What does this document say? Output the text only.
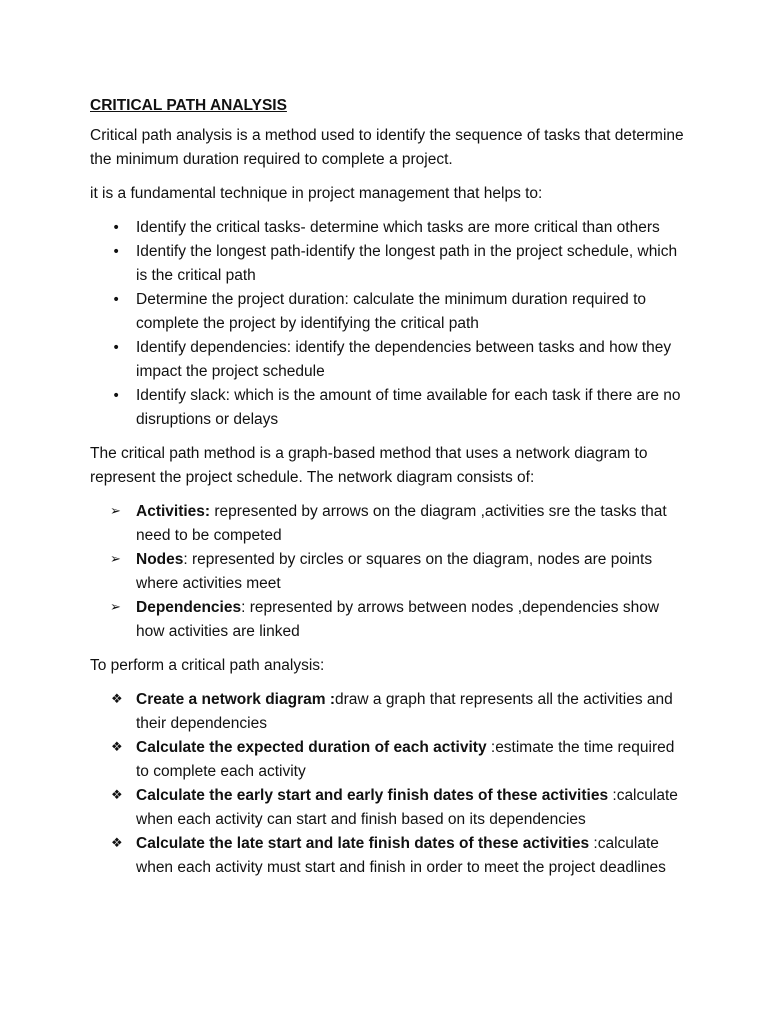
CRITICAL PATH ANALYSIS

Critical path analysis is a method used to identify the sequence of tasks that determine the minimum duration required to complete a project.

it is a fundamental technique in project management that helps to:

•	Identify the critical tasks- determine which tasks are more critical than others
•	Identify the longest path-identify the longest path in the project schedule, which is the critical path
•	Determine the project duration: calculate the minimum duration required to complete the project by identifying the critical path
•	Identify dependencies: identify the dependencies between tasks and how they impact the project schedule
•	Identify slack: which is the amount of time available for each task if there are no disruptions or delays

The critical path method is a graph-based method that uses a network diagram to represent the project schedule. The network diagram consists of:

➢ Activities: represented by arrows on the diagram ,activities sre the tasks that need to be competed
➢ Nodes: represented by circles or squares on the diagram, nodes are points where activities meet
➢ Dependencies: represented by arrows between nodes ,dependencies show how activities are linked

To perform a critical path analysis:

❖ Create a network diagram :draw a graph that represents all the activities and their dependencies
❖ Calculate the expected duration of each activity :estimate the time required to complete each activity
❖ Calculate the early start and early finish dates of these activities :calculate when each activity can start and finish based on its dependencies
❖ Calculate the late start and late finish dates of these activities :calculate when each activity must start and finish in order to meet the project deadlines
